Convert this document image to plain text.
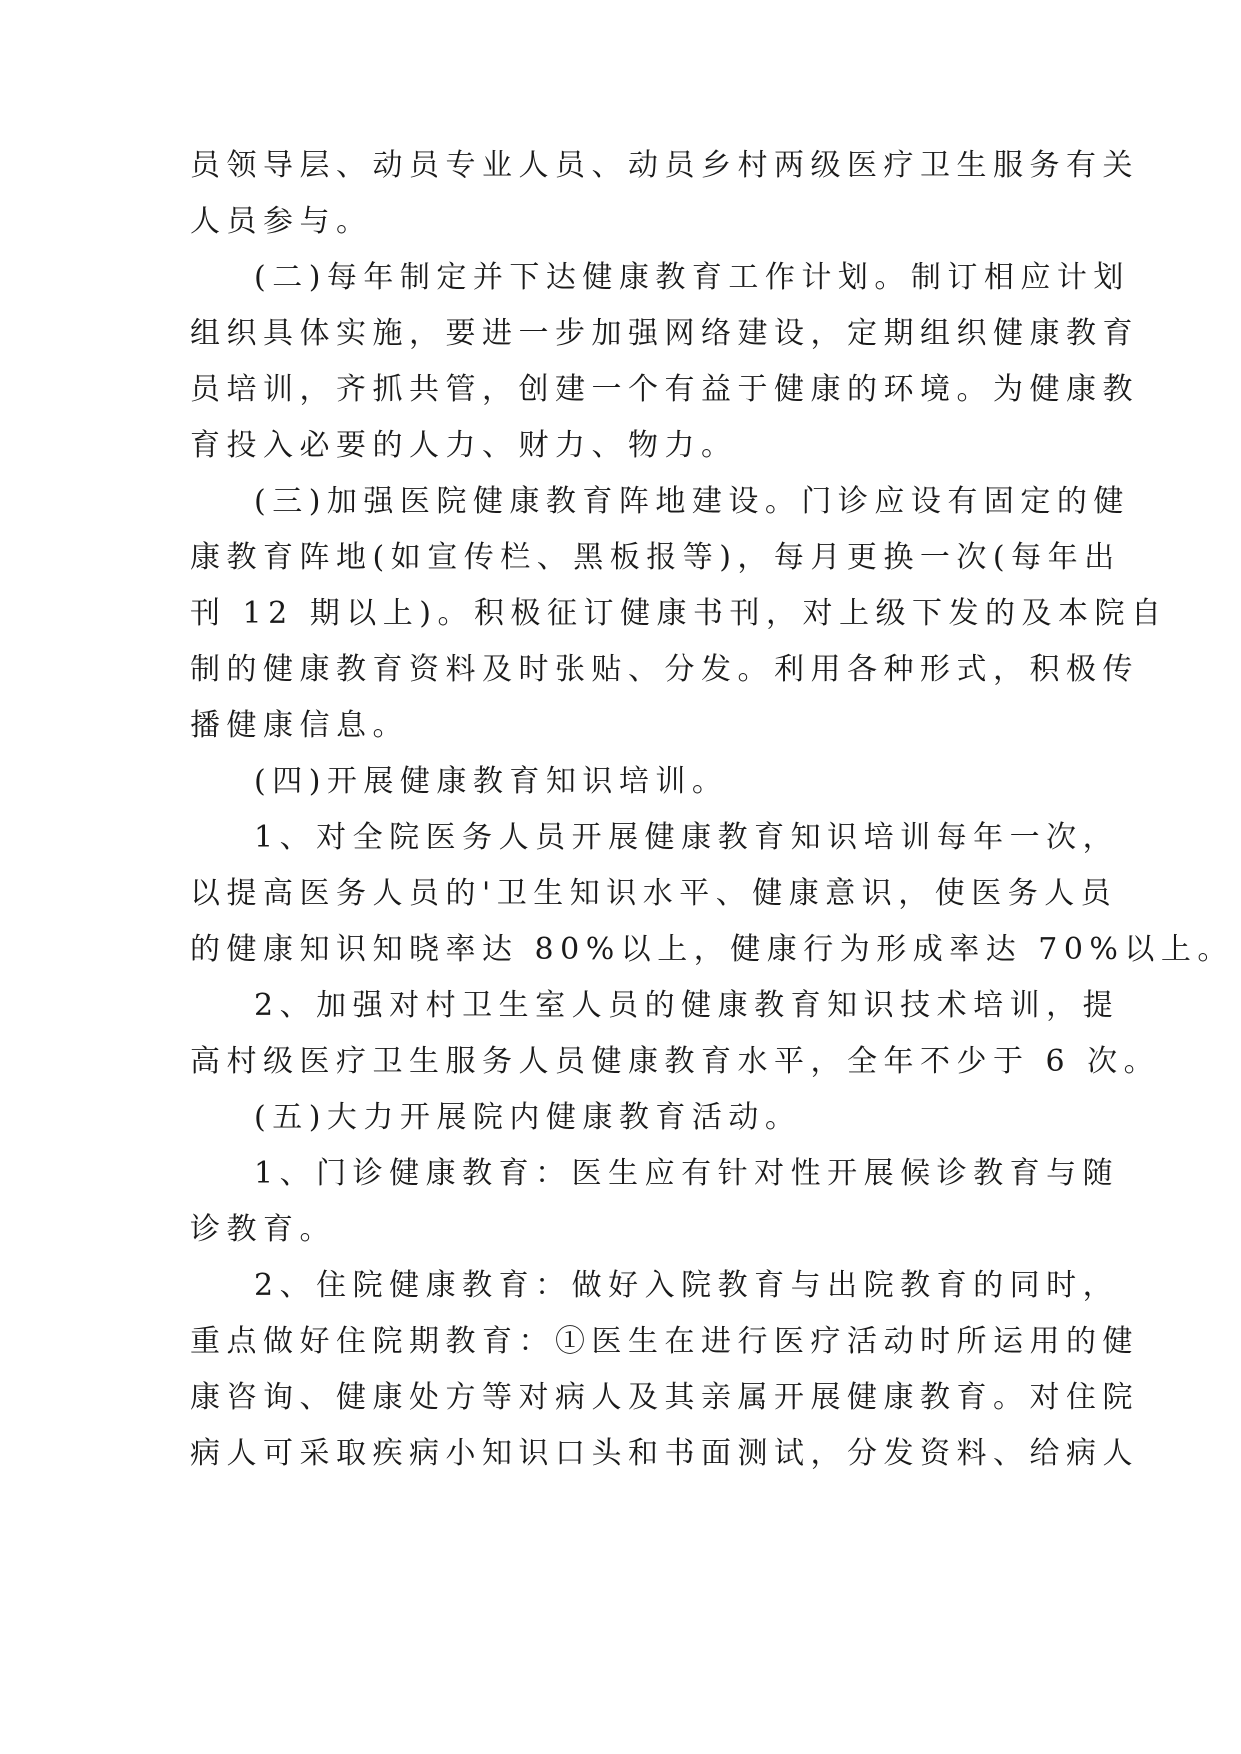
员领导层、动员专业人员、动员乡村两级医疗卫生服务有关
人员参与。
(二)每年制定并下达健康教育工作计划。制订相应计划
组织具体实施，要进一步加强网络建设，定期组织健康教育
员培训，齐抓共管，创建一个有益于健康的环境。为健康教
育投入必要的人力、财力、物力。
(三)加强医院健康教育阵地建设。门诊应设有固定的健
康教育阵地(如宣传栏、黑板报等)，每月更换一次(每年出
刊 12 期以上)。积极征订健康书刊，对上级下发的及本院自
制的健康教育资料及时张贴、分发。利用各种形式，积极传
播健康信息。
(四)开展健康教育知识培训。
1、对全院医务人员开展健康教育知识培训每年一次，
以提高医务人员的'卫生知识水平、健康意识，使医务人员
的健康知识知晓率达 80%以上，健康行为形成率达 70%以上。
2、加强对村卫生室人员的健康教育知识技术培训，提
高村级医疗卫生服务人员健康教育水平，全年不少于 6 次。
(五)大力开展院内健康教育活动。
1、门诊健康教育：医生应有针对性开展候诊教育与随
诊教育。
2、住院健康教育：做好入院教育与出院教育的同时，
重点做好住院期教育：①医生在进行医疗活动时所运用的健
康咨询、健康处方等对病人及其亲属开展健康教育。对住院
病人可采取疾病小知识口头和书面测试，分发资料、给病人
